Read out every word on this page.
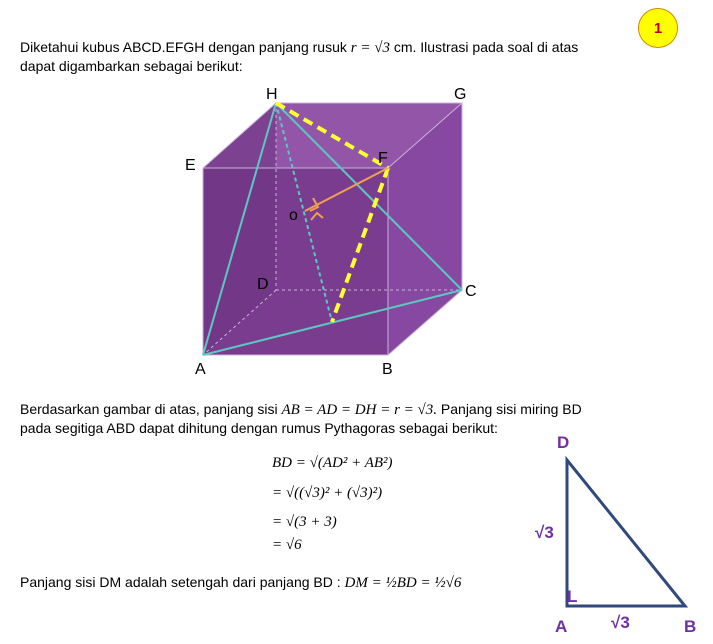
1
Diketahui kubus ABCD.EFGH dengan panjang rusuk r = √3 cm. Ilustrasi pada soal di atas
dapat digambarkan sebagai berikut:
H	G
E	F
D	C
A	B
o
Berdasarkan gambar di atas, panjang sisi AB = AD = DH = r = √3. Panjang sisi miring BD
pada segitiga ABD dapat dihitung dengan rumus Pythagoras sebagai berikut:
BD = √(AD² + AB²)
= √((√3)² + (√3)²)
= √(3 + 3)
= √6
Panjang sisi DM adalah setengah dari panjang BD : DM = ½BD = ½√6
D
A	B
√3
√3
L
